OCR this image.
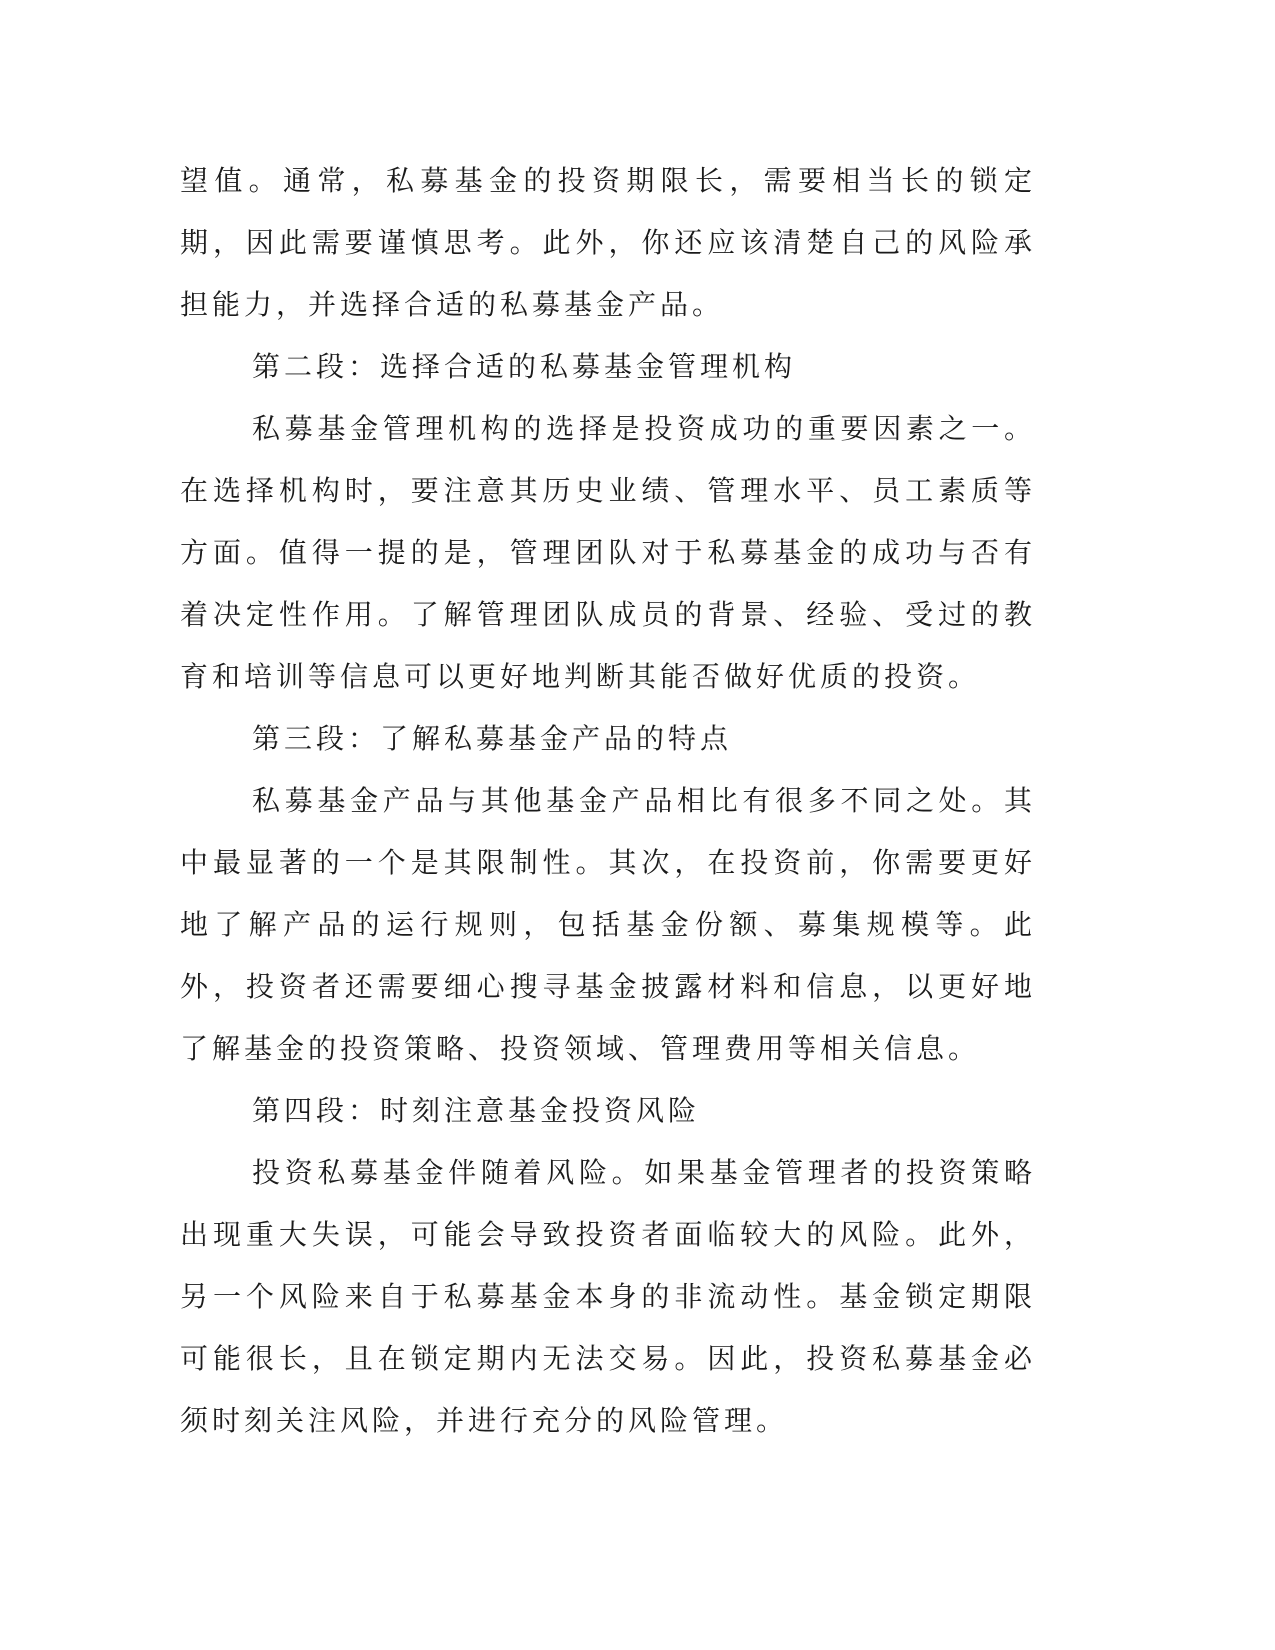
望值。通常，私募基金的投资期限长，需要相当长的锁定期，因此需要谨慎思考。此外，你还应该清楚自己的风险承担能力，并选择合适的私募基金产品。

第二段：选择合适的私募基金管理机构

私募基金管理机构的选择是投资成功的重要因素之一。在选择机构时，要注意其历史业绩、管理水平、员工素质等方面。值得一提的是，管理团队对于私募基金的成功与否有着决定性作用。了解管理团队成员的背景、经验、受过的教育和培训等信息可以更好地判断其能否做好优质的投资。

第三段：了解私募基金产品的特点

私募基金产品与其他基金产品相比有很多不同之处。其中最显著的一个是其限制性。其次，在投资前，你需要更好地了解产品的运行规则，包括基金份额、募集规模等。此外，投资者还需要细心搜寻基金披露材料和信息，以更好地了解基金的投资策略、投资领域、管理费用等相关信息。

第四段：时刻注意基金投资风险

投资私募基金伴随着风险。如果基金管理者的投资策略出现重大失误，可能会导致投资者面临较大的风险。此外，另一个风险来自于私募基金本身的非流动性。基金锁定期限可能很长，且在锁定期内无法交易。因此，投资私募基金必须时刻关注风险，并进行充分的风险管理。
